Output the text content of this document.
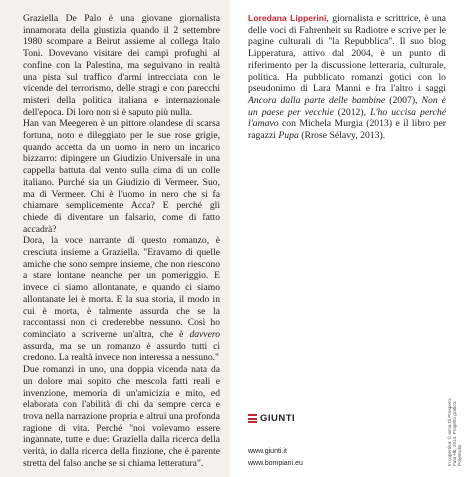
Graziella De Palo è una giovane giornalista innamorata della giustizia quando il 2 settembre 1980 scompare a Beirut assieme al collega Italo Toni. Dovevano visitare dei campi profughi al confine con la Palestina, ma seguivano in realtà una pista sul traffico d'armi intrecciata con le vicende del terrorismo, delle stragi e con parecchi misteri della politica italiana e internazionale dell'epoca. Di loro non si è saputo più nulla.

Han van Meegeren è un pittore olandese di scarsa fortuna, noto e dileggiato per le sue rose grigie, quando accetta da un uomo in nero un incarico bizzarro: dipingere un Giudizio Universale in una cappella battuta dal vento sulla cima di un colle italiano. Purché sia un Giudizio di Vermeer. Suo, ma di Vermeer. Chi è l'uomo in nero che si fa chiamare semplicemente Acca? E perché gli chiede di diventare un falsario, come di fatto accadrà?

Dora, la voce narrante di questo romanzo, è cresciuta insieme a Graziella. "Eravamo di quelle amiche che sono sempre insieme, che non riescono a stare lontane neanche per un pomeriggio. E invece ci siamo allontanate, e quando ci siamo allontanate lei è morta. E la sua storia, il modo in cui è morta, è talmente assurda che se la raccontassi non ci crederebbe nessuno. Così ho cominciato a scriverne un'altra, che è davvero assurda, ma se un romanzo è assurdo tutti ci credono. La realtà invece non interessa a nessuno."

Due romanzi in uno, una doppia vicenda nata da un dolore mai sopito che mescola fatti reali e invenzione, memoria di un'amicizia e mito, ed elaborata con l'abilità di chi da sempre cerca e trova nella narrazione propria e altrui una profonda ragione di vita. Perché "noi volevamo essere ingannate, tutte e due: Graziella dalla ricerca della verità, io dalla ricerca della finzione, che è parente stretta del falso anche se si chiama letteratura".

Loredana Lipperini, giornalista e scrittrice, è una delle voci di Fahrenheit su Radiotre e scrive per le pagine culturali di "la Repubblica". Il suo blog Lipperatura, attivo dal 2004, è un punto di riferimento per la discussione letteraria, culturale, politica. Ha pubblicato romanzi gotici con lo pseudonimo di Lara Manni e fra l'altro i saggi Ancora dalla parte delle bambine (2007), Non è un paese per vecchie (2012), L'ho uccisa perché l'amavo con Michela Murgia (2013) e il libro per ragazzi Pupa (Rrose Sélavy, 2013).

GIUNTI
www.giunti.it
www.bompiani.eu	In copertina: © anna Di Prospero, Fata Hb, 2014. Progetto grafico: Polystudio
